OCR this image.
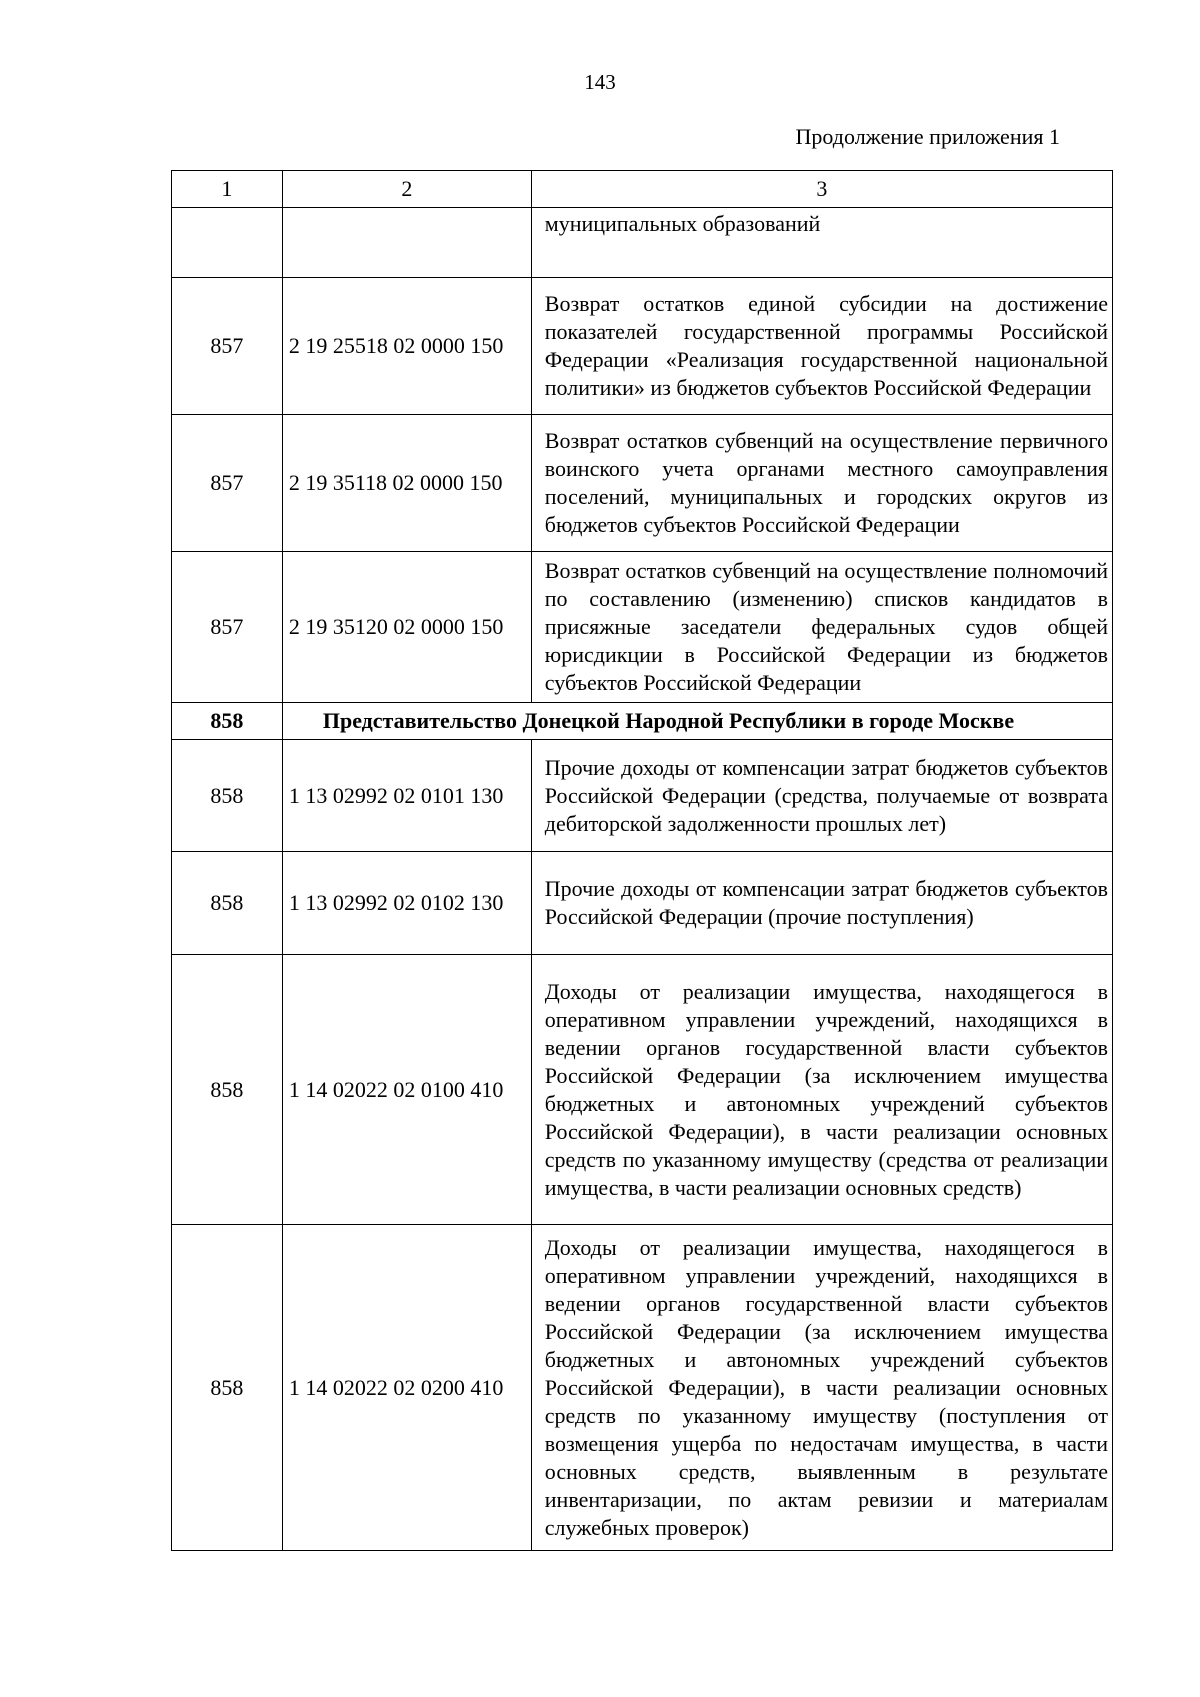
143
Продолжение приложения 1
1	2	3
		муниципальных образований
857	2 19 25518 02 0000 150	Возврат остатков единой субсидии на достижение показателей государственной программы Российской Федерации «Реализация государственной национальной политики» из бюджетов субъектов Российской Федерации
857	2 19 35118 02 0000 150	Возврат остатков субвенций на осуществление первичного воинского учета органами местного самоуправления поселений, муниципальных и городских округов из бюджетов субъектов Российской Федерации
857	2 19 35120 02 0000 150	Возврат остатков субвенций на осуществление полномочий по составлению (изменению) списков кандидатов в присяжные заседатели федеральных судов общей юрисдикции в Российской Федерации из бюджетов субъектов Российской Федерации
858	Представительство Донецкой Народной Республики в городе Москве	
858	1 13 02992 02 0101 130	Прочие доходы от компенсации затрат бюджетов субъектов Российской Федерации (средства, получаемые от возврата дебиторской задолженности прошлых лет)
858	1 13 02992 02 0102 130	Прочие доходы от компенсации затрат бюджетов субъектов Российской Федерации (прочие поступления)
858	1 14 02022 02 0100 410	Доходы от реализации имущества, находящегося в оперативном управлении учреждений, находящихся в ведении органов государственной власти субъектов Российской Федерации (за исключением имущества бюджетных и автономных учреждений субъектов Российской Федерации), в части реализации основных средств по указанному имуществу (средства от реализации имущества, в части реализации основных средств)
858	1 14 02022 02 0200 410	Доходы от реализации имущества, находящегося в оперативном управлении учреждений, находящихся в ведении органов государственной власти субъектов Российской Федерации (за исключением имущества бюджетных и автономных учреждений субъектов Российской Федерации), в части реализации основных средств по указанному имуществу (поступления от возмещения ущерба по недостачам имущества, в части основных средств, выявленным в результате инвентаризации, по актам ревизии и материалам служебных проверок)
